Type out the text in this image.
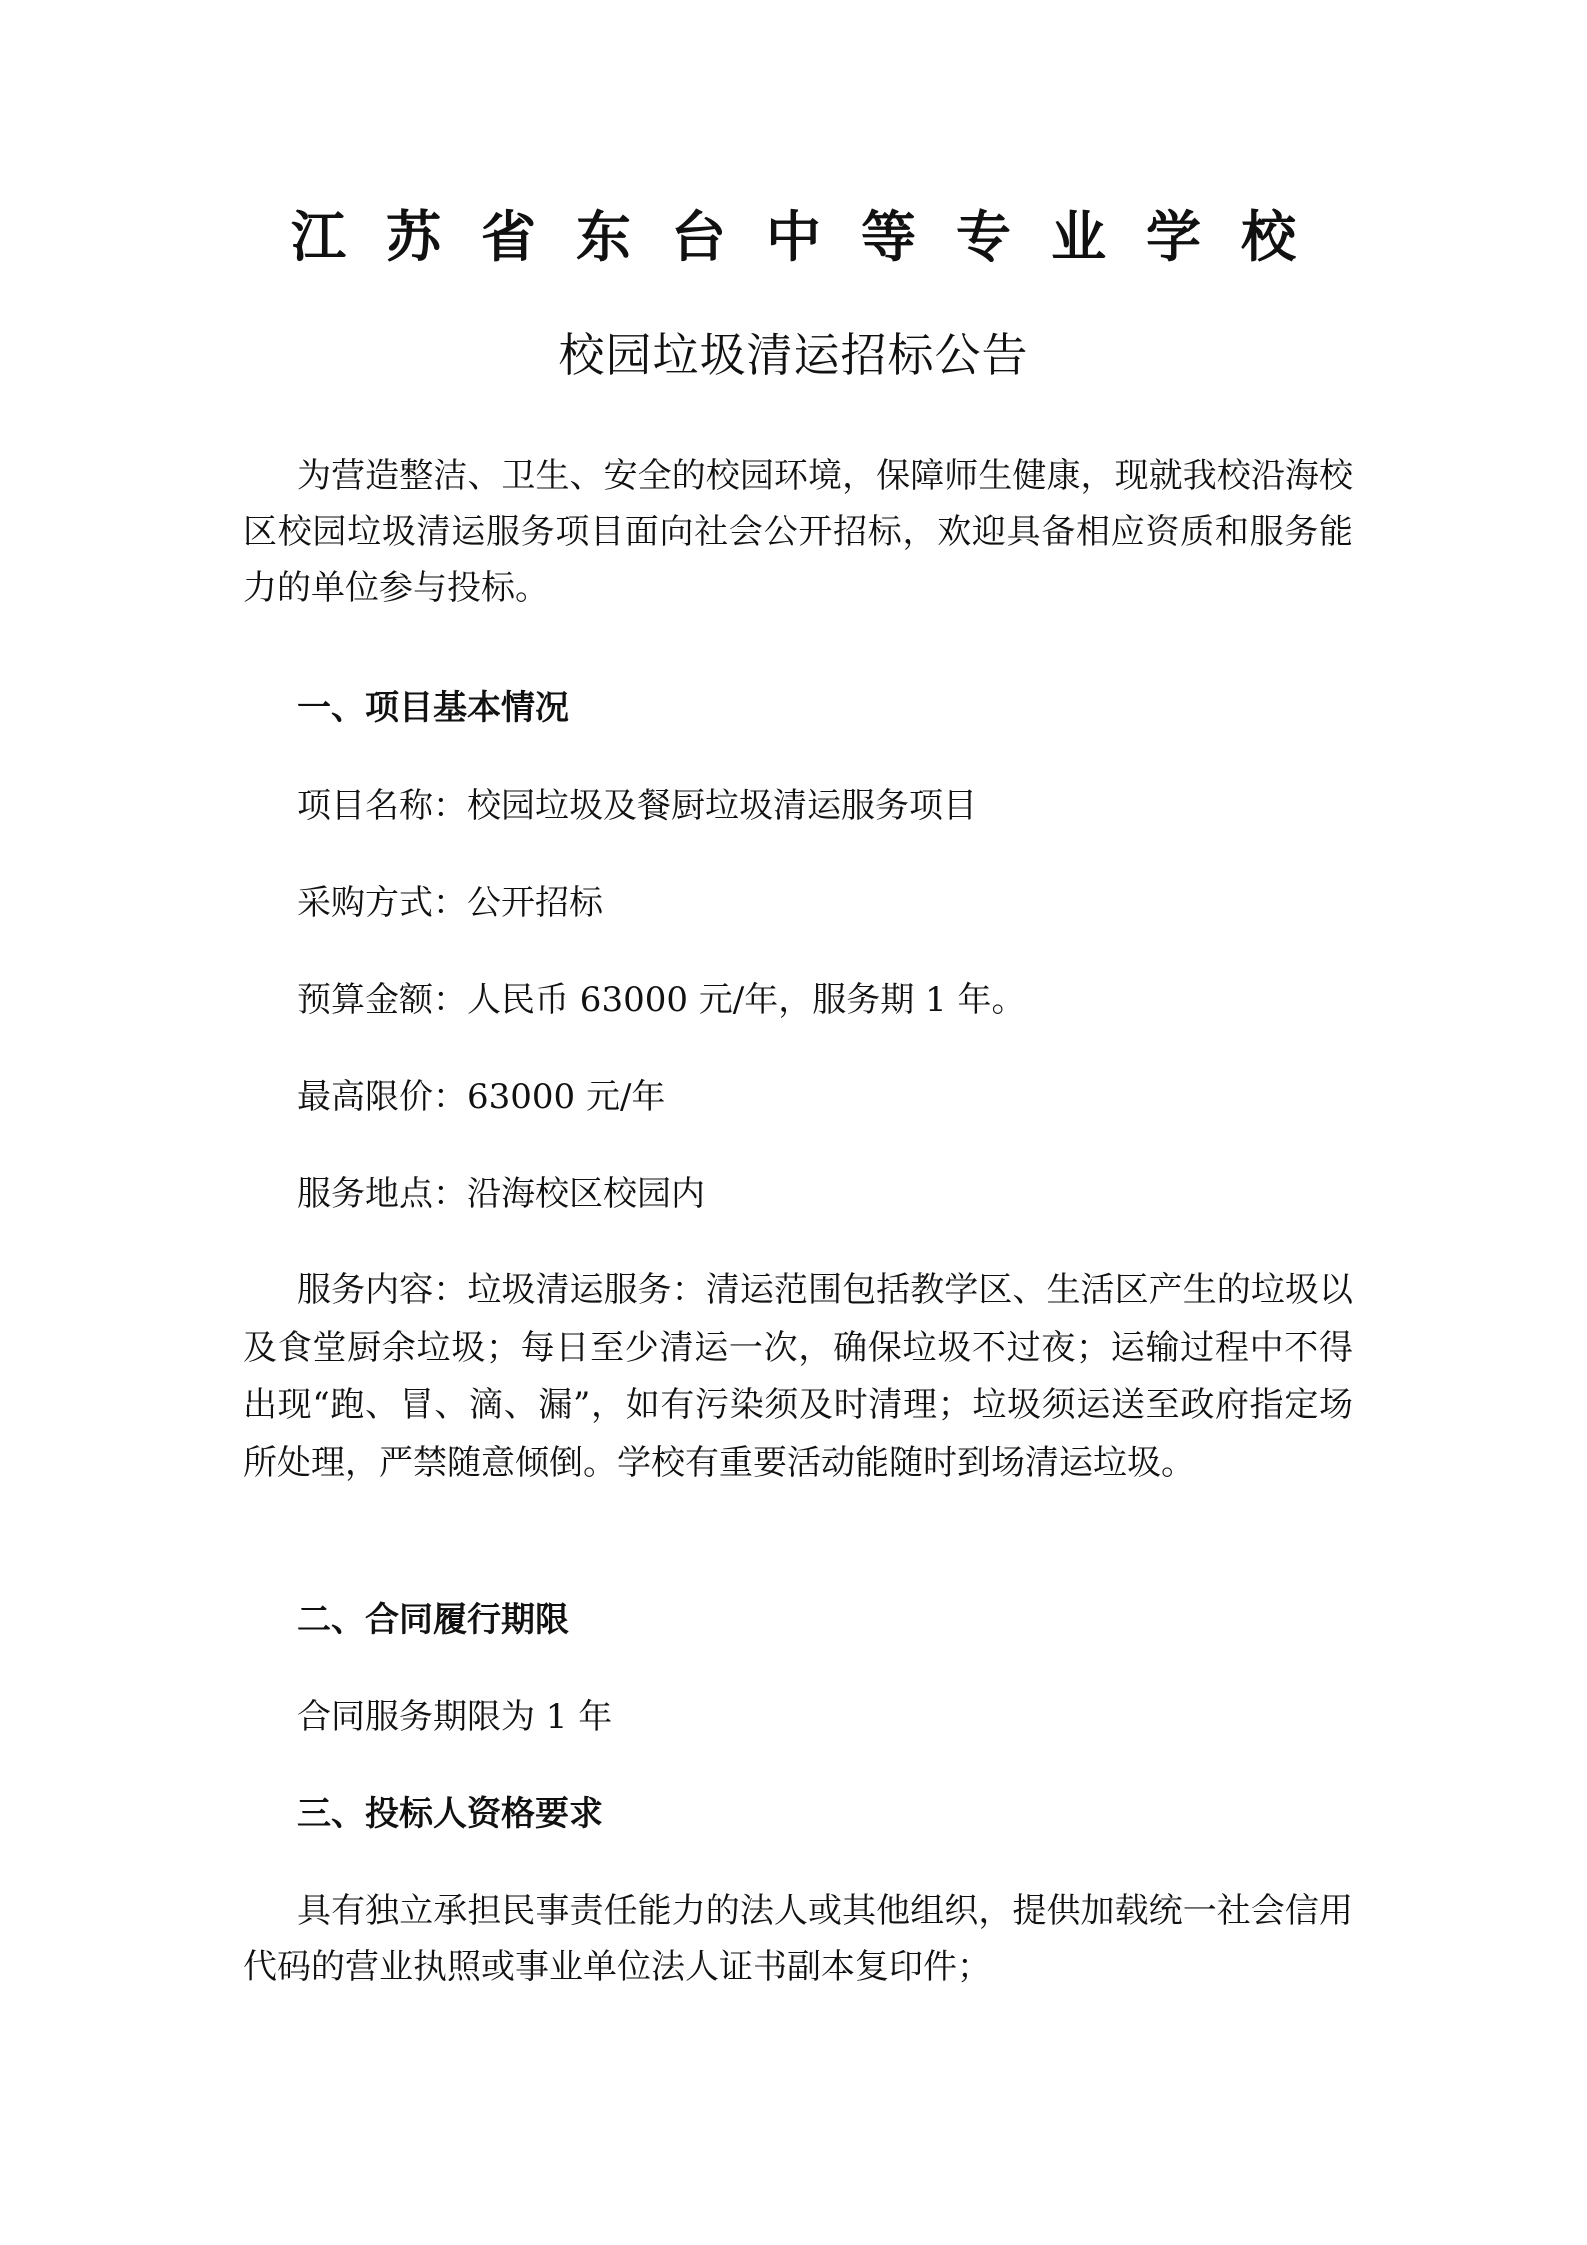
江苏省东台中等专业学校
校园垃圾清运招标公告
为营造整洁、卫生、安全的校园环境，保障师生健康，现就我校沿海校区校园垃圾清运服务项目面向社会公开招标，欢迎具备相应资质和服务能力的单位参与投标。
一、项目基本情况
项目名称：校园垃圾及餐厨垃圾清运服务项目
采购方式：公开招标
预算金额：人民币 63000 元/年，服务期 1 年。
最高限价：63000 元/年
服务地点：沿海校区校园内
服务内容：垃圾清运服务：清运范围包括教学区、生活区产生的垃圾以及食堂厨余垃圾；每日至少清运一次，确保垃圾不过夜；运输过程中不得出现“跑、冒、滴、漏”，如有污染须及时清理；垃圾须运送至政府指定场所处理，严禁随意倾倒。学校有重要活动能随时到场清运垃圾。
二、合同履行期限
合同服务期限为 1 年
三、投标人资格要求
具有独立承担民事责任能力的法人或其他组织，提供加载统一社会信用代码的营业执照或事业单位法人证书副本复印件；
